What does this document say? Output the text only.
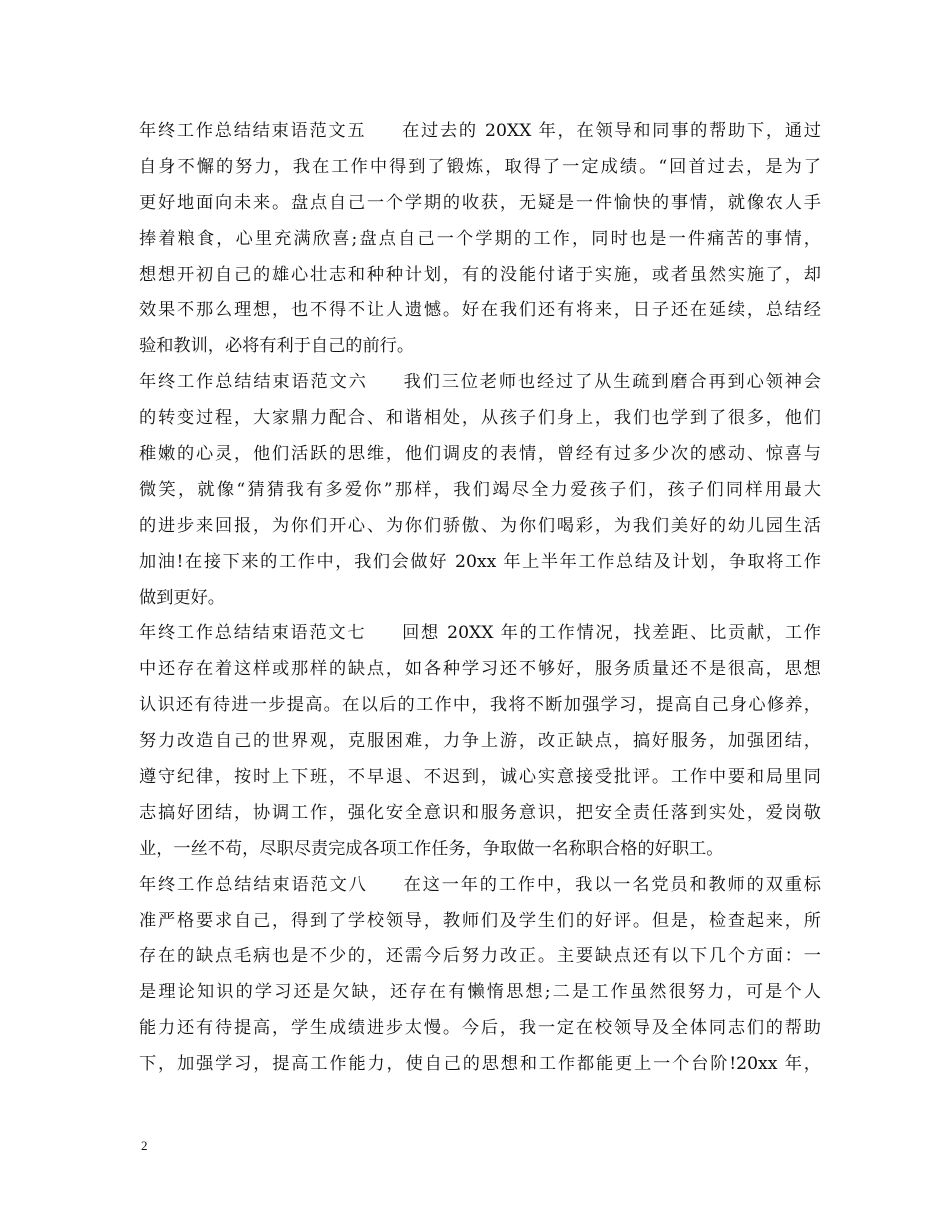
年终工作总结结束语范文五 在过去的 20XX 年，在领导和同事的帮助下，通过
自身不懈的努力，我在工作中得到了锻炼，取得了一定成绩。“回首过去，是为了
更好地面向未来。盘点自己一个学期的收获，无疑是一件愉快的事情，就像农人手
捧着粮食，心里充满欣喜;盘点自己一个学期的工作，同时也是一件痛苦的事情，
想想开初自己的雄心壮志和种种计划，有的没能付诸于实施，或者虽然实施了，却
效果不那么理想，也不得不让人遗憾。好在我们还有将来，日子还在延续，总结经
验和教训，必将有利于自己的前行。
年终工作总结结束语范文六 我们三位老师也经过了从生疏到磨合再到心领神会
的转变过程，大家鼎力配合、和谐相处，从孩子们身上，我们也学到了很多，他们
稚嫩的心灵，他们活跃的思维，他们调皮的表情，曾经有过多少次的感动、惊喜与
微笑，就像“猜猜我有多爱你”那样，我们竭尽全力爱孩子们，孩子们同样用最大
的进步来回报，为你们开心、为你们骄傲、为你们喝彩，为我们美好的幼儿园生活
加油!在接下来的工作中，我们会做好 20xx 年上半年工作总结及计划，争取将工作
做到更好。
年终工作总结结束语范文七 回想 20XX 年的工作情况，找差距、比贡献，工作
中还存在着这样或那样的缺点，如各种学习还不够好，服务质量还不是很高，思想
认识还有待进一步提高。在以后的工作中，我将不断加强学习，提高自己身心修养，
努力改造自己的世界观，克服困难，力争上游，改正缺点，搞好服务，加强团结，
遵守纪律，按时上下班，不早退、不迟到，诚心实意接受批评。工作中要和局里同
志搞好团结，协调工作，强化安全意识和服务意识，把安全责任落到实处，爱岗敬
业，一丝不苟，尽职尽责完成各项工作任务，争取做一名称职合格的好职工。
年终工作总结结束语范文八 在这一年的工作中，我以一名党员和教师的双重标
准严格要求自己，得到了学校领导，教师们及学生们的好评。但是，检查起来，所
存在的缺点毛病也是不少的，还需今后努力改正。主要缺点还有以下几个方面：一
是理论知识的学习还是欠缺，还存在有懒惰思想;二是工作虽然很努力，可是个人
能力还有待提高，学生成绩进步太慢。今后，我一定在校领导及全体同志们的帮助
下，加强学习，提高工作能力，使自己的思想和工作都能更上一个台阶!20xx 年，
2
